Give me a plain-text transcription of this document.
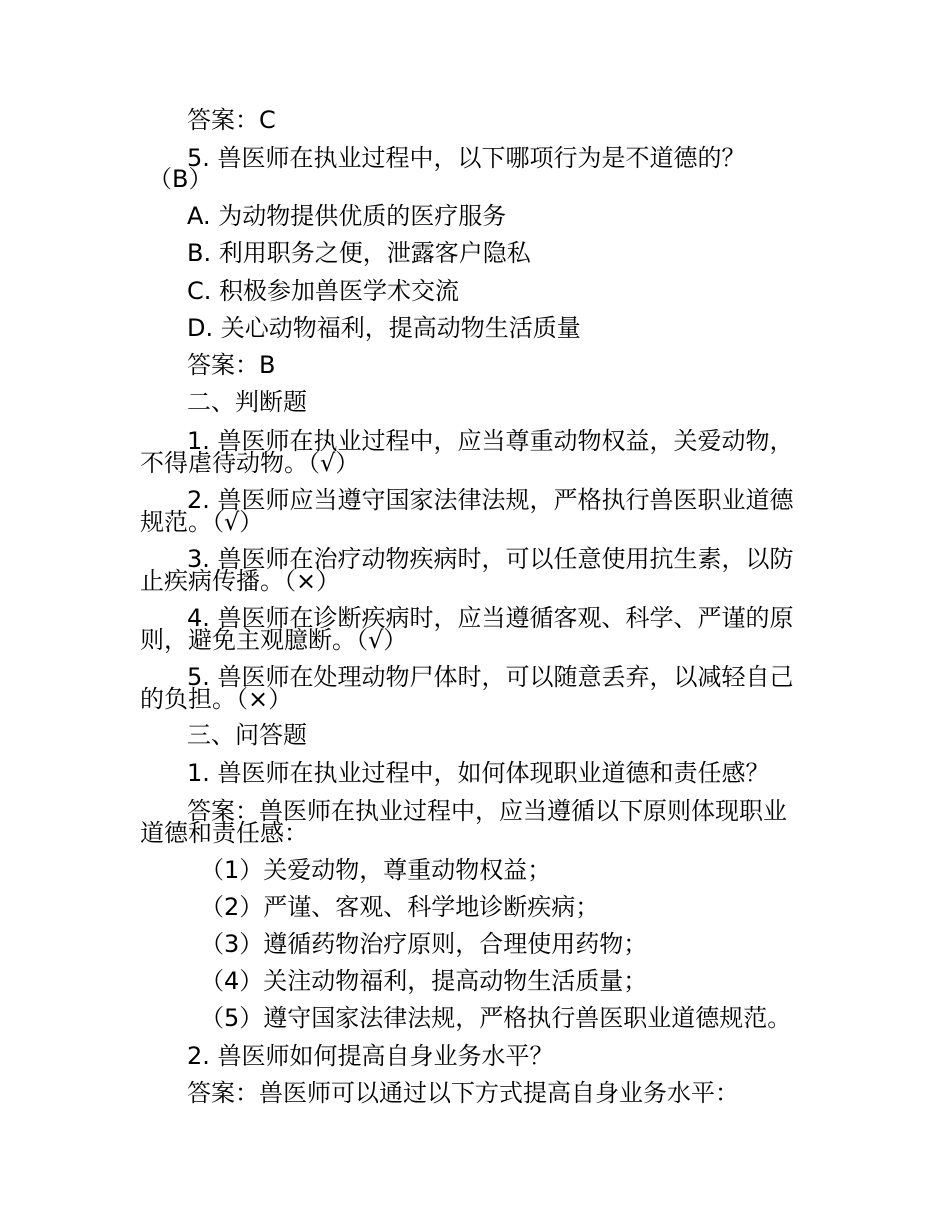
答案：C
5. 兽医师在执业过程中，以下哪项行为是不道德的？
（B）
A. 为动物提供优质的医疗服务
B. 利用职务之便，泄露客户隐私
C. 积极参加兽医学术交流
D. 关心动物福利，提高动物生活质量
答案：B
二、判断题
1. 兽医师在执业过程中，应当尊重动物权益，关爱动物，
不得虐待动物。（√）
2. 兽医师应当遵守国家法律法规，严格执行兽医职业道德
规范。（√）
3. 兽医师在治疗动物疾病时，可以任意使用抗生素，以防
止疾病传播。（×）
4. 兽医师在诊断疾病时，应当遵循客观、科学、严谨的原
则，避免主观臆断。（√）
5. 兽医师在处理动物尸体时，可以随意丢弃，以减轻自己
的负担。（×）
三、问答题
1. 兽医师在执业过程中，如何体现职业道德和责任感？
答案：兽医师在执业过程中，应当遵循以下原则体现职业
道德和责任感：
（1）关爱动物，尊重动物权益；
（2）严谨、客观、科学地诊断疾病；
（3）遵循药物治疗原则，合理使用药物；
（4）关注动物福利，提高动物生活质量；
（5）遵守国家法律法规，严格执行兽医职业道德规范。
2. 兽医师如何提高自身业务水平？
答案：兽医师可以通过以下方式提高自身业务水平：
